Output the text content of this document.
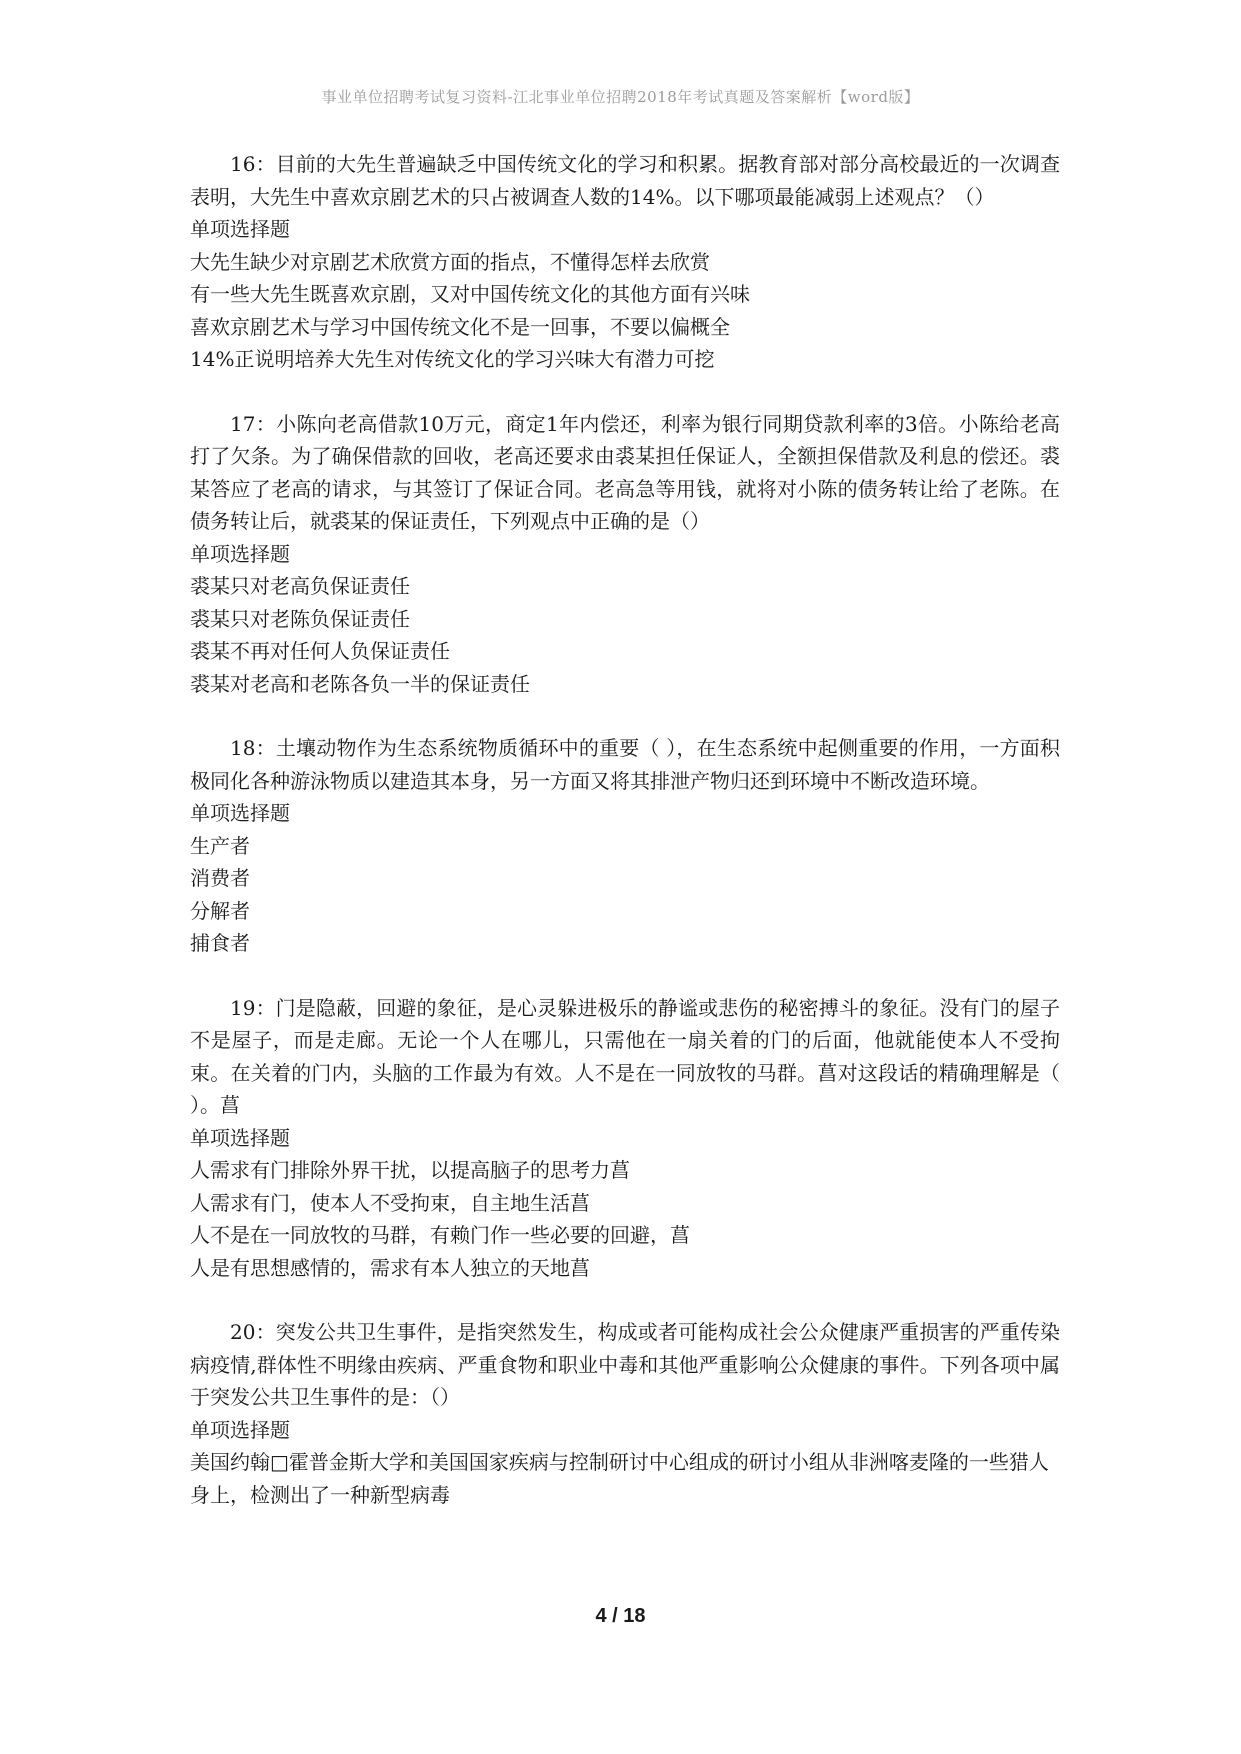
事业单位招聘考试复习资料-江北事业单位招聘2018年考试真题及答案解析【word版】

16：目前的大先生普遍缺乏中国传统文化的学习和积累。据教育部对部分高校最近的一次调查表明，大先生中喜欢京剧艺术的只占被调查人数的14%。以下哪项最能减弱上述观点？（）

单项选择题

大先生缺少对京剧艺术欣赏方面的指点，不懂得怎样去欣赏

有一些大先生既喜欢京剧，又对中国传统文化的其他方面有兴味

喜欢京剧艺术与学习中国传统文化不是一回事，不要以偏概全

14%正说明培养大先生对传统文化的学习兴味大有潜力可挖

17：小陈向老高借款10万元，商定1年内偿还，利率为银行同期贷款利率的3倍。小陈给老高打了欠条。为了确保借款的回收，老高还要求由裘某担任保证人，全额担保借款及利息的偿还。裘某答应了老高的请求，与其签订了保证合同。老高急等用钱，就将对小陈的债务转让给了老陈。在债务转让后，就裘某的保证责任，下列观点中正确的是（）

单项选择题

裘某只对老高负保证责任

裘某只对老陈负保证责任

裘某不再对任何人负保证责任

裘某对老高和老陈各负一半的保证责任

18：土壤动物作为生态系统物质循环中的重要（ ），在生态系统中起侧重要的作用，一方面积极同化各种游泳物质以建造其本身，另一方面又将其排泄产物归还到环境中不断改造环境。

单项选择题

生产者

消费者

分解者

捕食者

19：门是隐蔽，回避的象征，是心灵躲进极乐的静谧或悲伤的秘密搏斗的象征。没有门的屋子不是屋子，而是走廊。无论一个人在哪儿，只需他在一扇关着的门的后面，他就能使本人不受拘束。在关着的门内，头脑的工作最为有效。人不是在一同放牧的马群。菖对这段话的精确理解是（ ）。菖

单项选择题

人需求有门排除外界干扰，以提高脑子的思考力菖

人需求有门，使本人不受拘束，自主地生活菖

人不是在一同放牧的马群，有赖门作一些必要的回避，菖

人是有思想感情的，需求有本人独立的天地菖

20：突发公共卫生事件，是指突然发生，构成或者可能构成社会公众健康严重损害的严重传染病疫情,群体性不明缘由疾病、严重食物和职业中毒和其他严重影响公众健康的事件。下列各项中属于突发公共卫生事件的是：（）

单项选择题

美国约翰□霍普金斯大学和美国国家疾病与控制研讨中心组成的研讨小组从非洲喀麦隆的一些猎人身上，检测出了一种新型病毒

4 / 18
